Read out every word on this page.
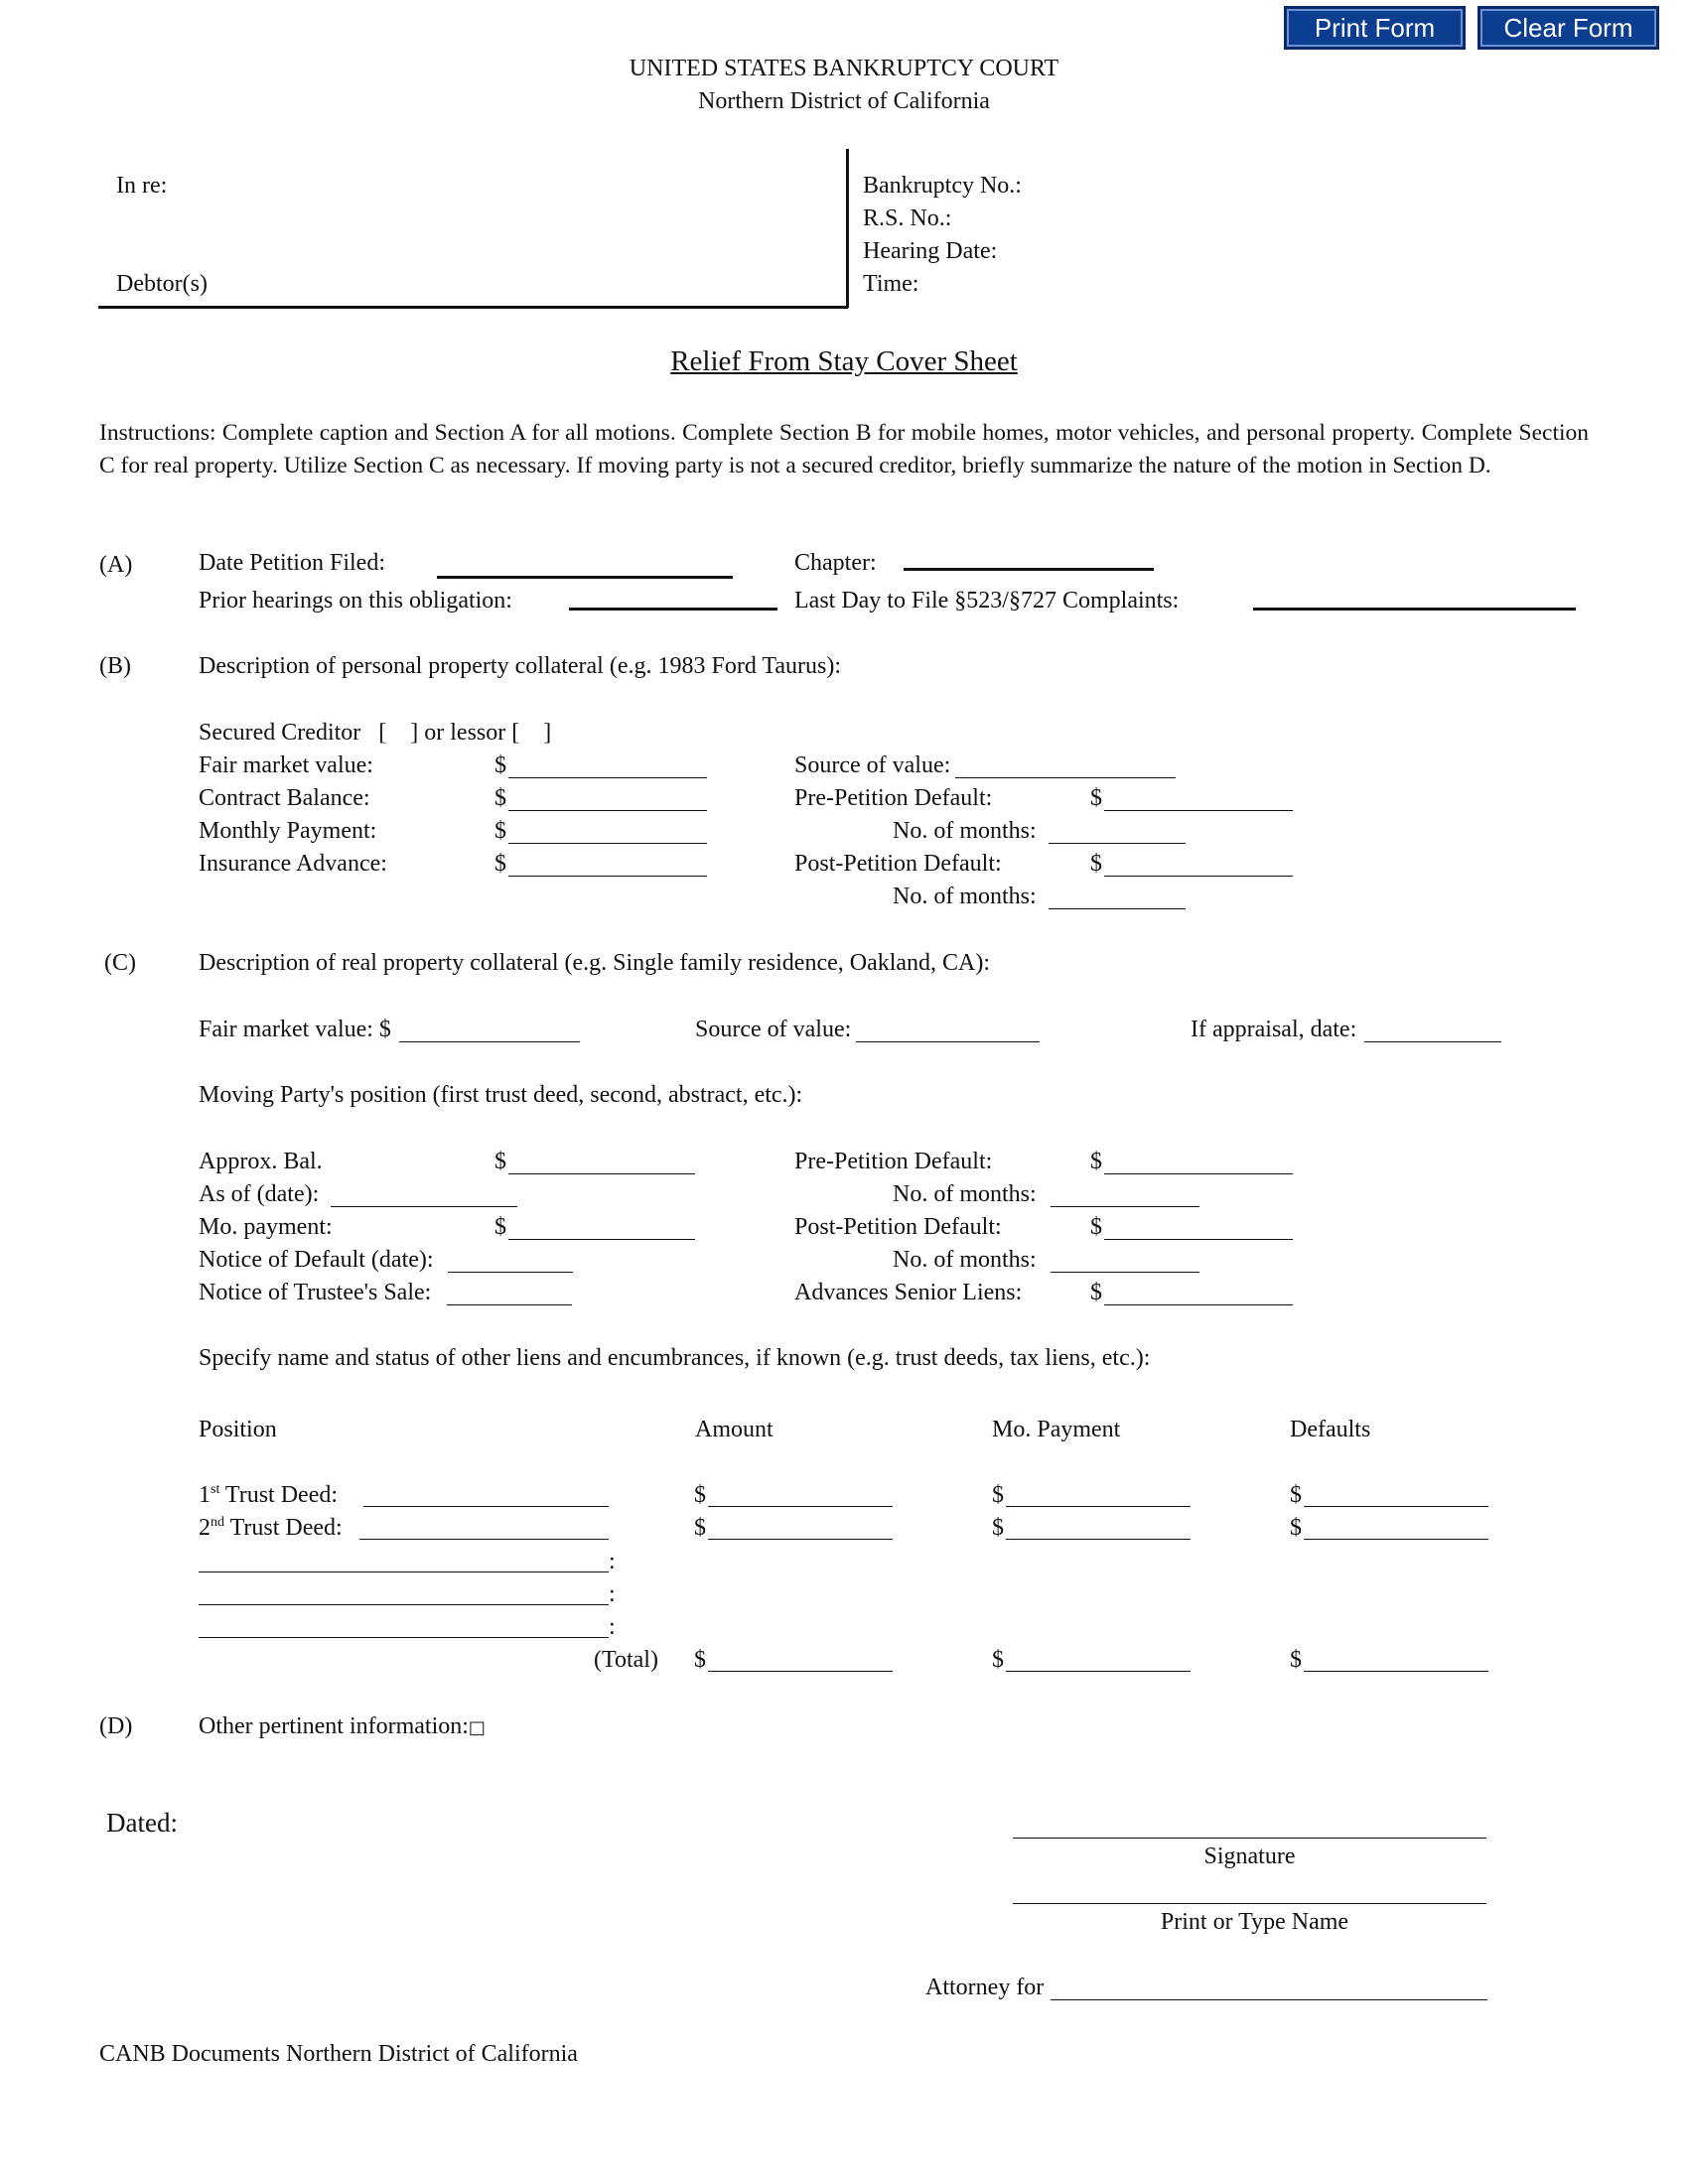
Print Form	Clear Form
UNITED STATES BANKRUPTCY COURT
Northern District of California
In re:
Debtor(s)
Bankruptcy No.:
R.S. No.:
Hearing Date:
Time:
Relief From Stay Cover Sheet
Instructions: Complete caption and Section A for all motions. Complete Section B for mobile homes, motor vehicles, and personal property. Complete Section C for real property. Utilize Section C as necessary. If moving party is not a secured creditor, briefly summarize the nature of the motion in Section D.
(A)	Date Petition Filed:	Chapter:
Prior hearings on this obligation:	Last Day to File §523/§727 Complaints:
(B)	Description of personal property collateral (e.g. 1983 Ford Taurus):
Secured Creditor   [    ] or lessor [    ]
Fair market value:	$	Source of value:
Contract Balance:	$	Pre-Petition Default:	$
Monthly Payment:	$	No. of months:
Insurance Advance:	$	Post-Petition Default:	$
No. of months:
(C)	Description of real property collateral (e.g. Single family residence, Oakland, CA):
Fair market value: $	Source of value:	If appraisal, date:
Moving Party's position (first trust deed, second, abstract, etc.):
Approx. Bal.	$	Pre-Petition Default:	$
As of (date):	No. of months:
Mo. payment:	$	Post-Petition Default:	$
Notice of Default (date):	No. of months:
Notice of Trustee's Sale:	Advances Senior Liens:	$
Specify name and status of other liens and encumbrances, if known (e.g. trust deeds, tax liens, etc.):
Position	Amount	Mo. Payment	Defaults
1st Trust Deed:	$	$	$
2nd Trust Deed:	$	$	$
:
:
:
(Total) $	$	$
(D)	Other pertinent information:□
Dated:
Signature
Print or Type Name
Attorney for
CANB Documents Northern District of California
